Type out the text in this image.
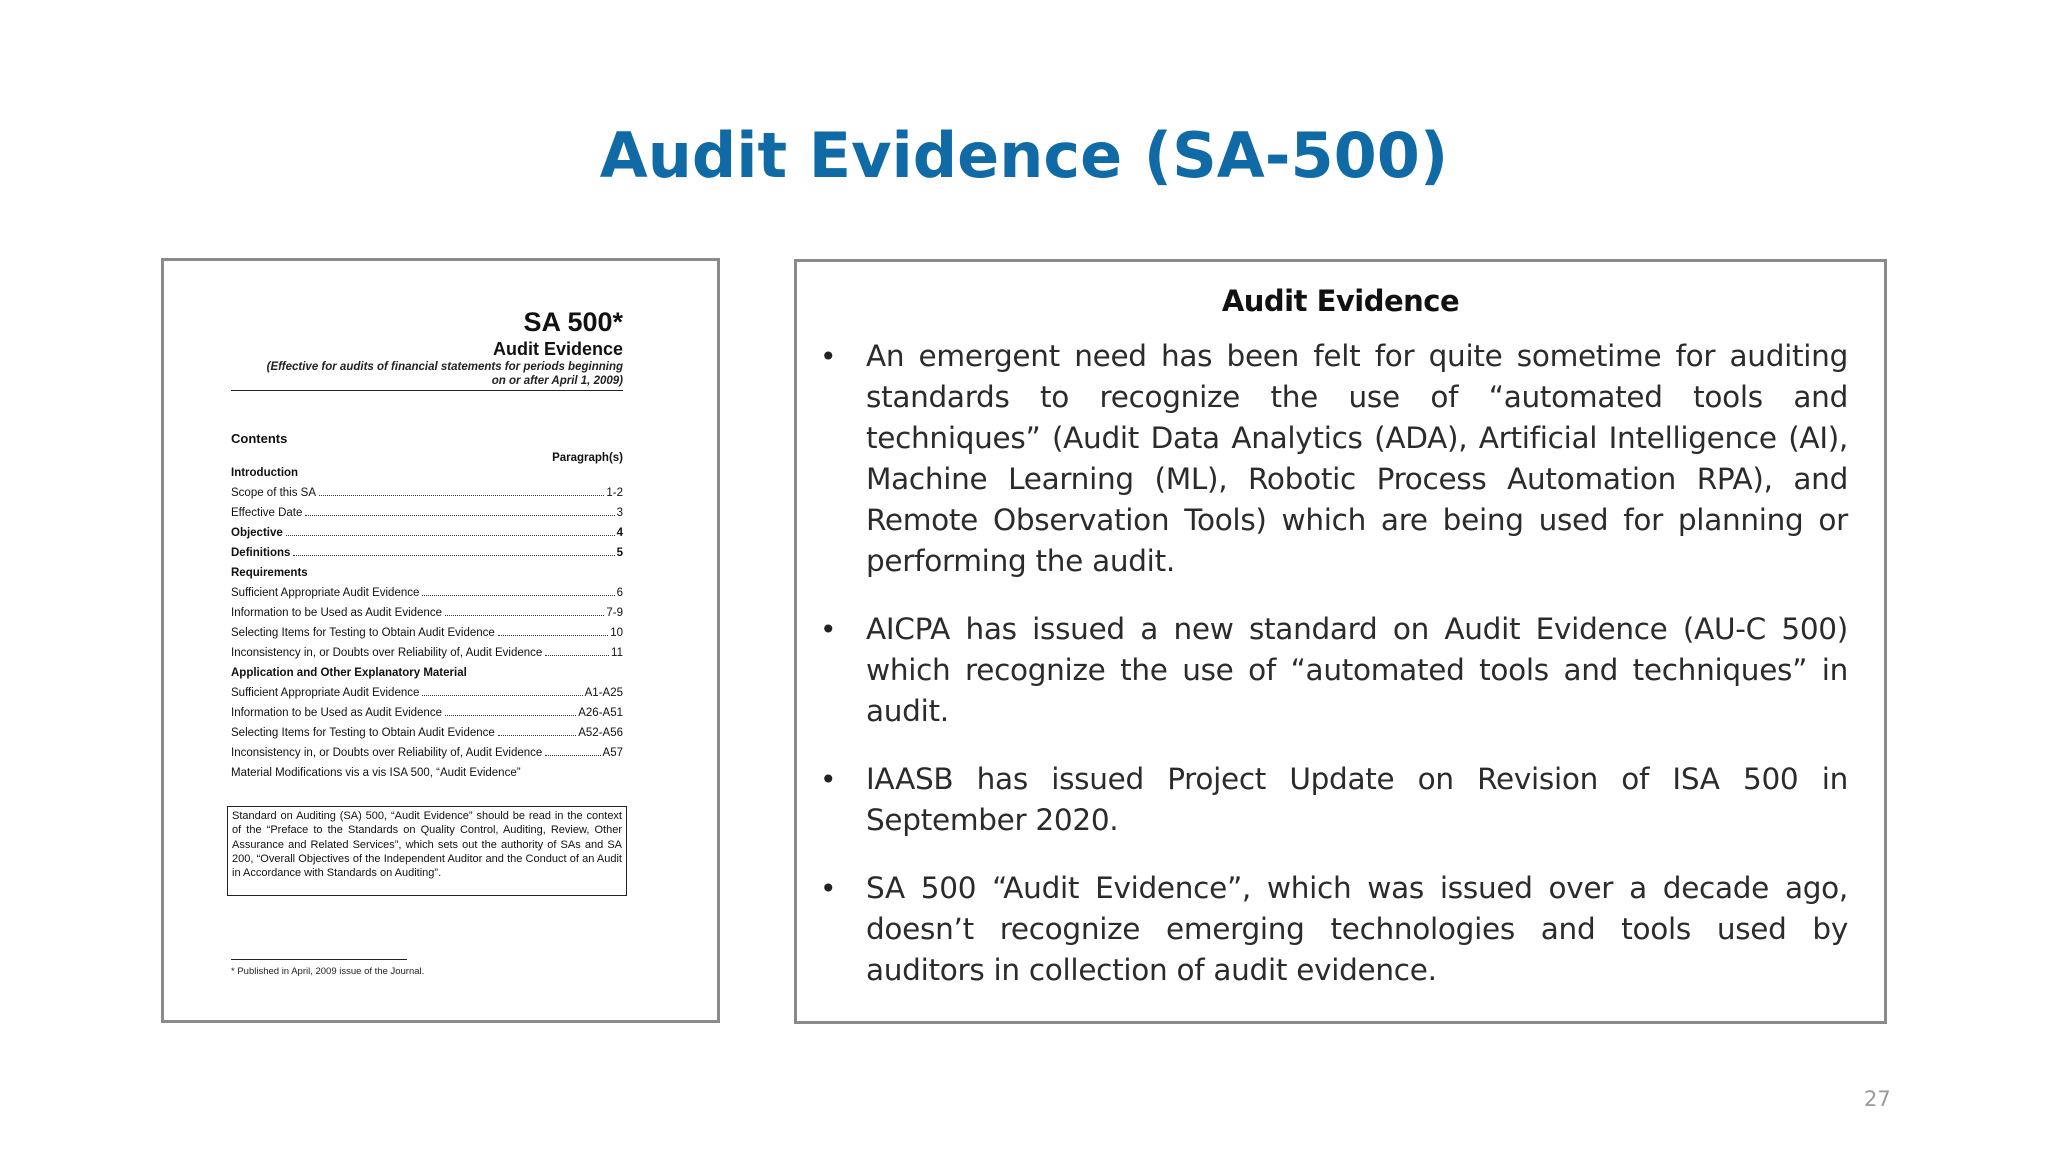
Audit Evidence (SA-500)

SA 500*

Audit Evidence

(Effective for audits of financial statements for periods beginning on or after April 1, 2009)
Contents
Paragraph(s)
Introduction
Scope of this SA	1-2
Effective Date	3
Objective	4
Definitions	5
Requirements
Sufficient Appropriate Audit Evidence	6
Information to be Used as Audit Evidence	7-9
Selecting Items for Testing to Obtain Audit Evidence	10
Inconsistency in, or Doubts over Reliability of, Audit Evidence	11
Application and Other Explanatory Material
Sufficient Appropriate Audit Evidence	A1-A25
Information to be Used as Audit Evidence	A26-A51
Selecting Items for Testing to Obtain Audit Evidence	A52-A56
Inconsistency in, or Doubts over Reliability of, Audit Evidence	A57
Material Modifications vis a vis ISA 500, “Audit Evidence”
Standard on Auditing (SA) 500, “Audit Evidence” should be read in the context of the “Preface to the Standards on Quality Control, Auditing, Review, Other Assurance and Related Services”, which sets out the authority of SAs and SA 200, “Overall Objectives of the Independent Auditor and the Conduct of an Audit in Accordance with Standards on Auditing”.
* Published in April, 2009 issue of the Journal.
Audit Evidence
• An emergent need has been felt for quite sometime for auditing standards to recognize the use of “automated tools and techniques” (Audit Data Analytics (ADA), Artificial Intelligence (AI), Machine Learning (ML), Robotic Process Automation RPA), and Remote Observation Tools) which are being used for planning or performing the audit.
• AICPA has issued a new standard on Audit Evidence (AU-C 500) which recognize the use of “automated tools and techniques” in audit.
• IAASB has issued Project Update on Revision of ISA 500 in September 2020.
• SA 500 “Audit Evidence”, which was issued over a decade ago, doesn’t recognize emerging technologies and tools used by auditors in collection of audit evidence.
27
